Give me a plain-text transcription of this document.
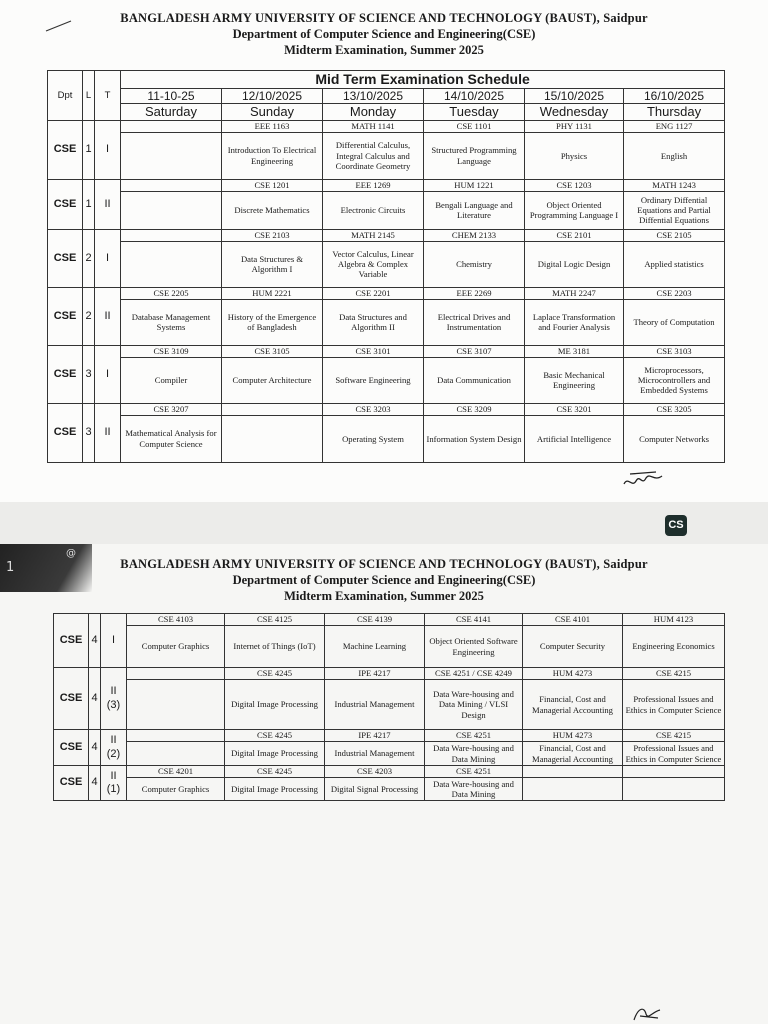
1
@
BANGLADESH ARMY UNIVERSITY OF SCIENCE AND TECHNOLOGY (BAUST), Saidpur
Department of Computer Science and Engineering(CSE)
Midterm Examination, Summer 2025
Dpt	L	T	Mid Term Examination Schedule					
			11-10-25	12/10/2025	13/10/2025	14/10/2025	15/10/2025	16/10/2025
			Saturday	Sunday	Monday	Tuesday	Wednesday	Thursday
CSE	1	I		EEE 1163	MATH 1141	CSE 1101	PHY 1131	ENG 1127
				Introduction To Electrical Engineering	Differential Calculus, Integral Calculus and Coordinate Geometry	Structured Programming Language	Physics	English
CSE	1	II		CSE 1201	EEE 1269	HUM 1221	CSE 1203	MATH 1243
				Discrete Mathematics	Electronic Circuits	Bengali Language and Literature	Object Oriented Programming Language I	Ordinary Diffential Equations and Partial Diffential Equations
CSE	2	I		CSE 2103	MATH 2145	CHEM 2133	CSE 2101	CSE 2105
				Data Structures & Algorithm I	Vector Calculus, Linear Algebra & Complex Variable	Chemistry	Digital Logic Design	Applied statistics
CSE	2	II	CSE 2205	HUM 2221	CSE 2201	EEE 2269	MATH 2247	CSE 2203
			Database Management Systems	History of the Emergence of Bangladesh	Data Structures and Algorithm II	Electrical Drives and Instrumentation	Laplace Transformation and Fourier Analysis	Theory of Computation
CSE	3	I	CSE 3109	CSE 3105	CSE 3101	CSE 3107	ME 3181	CSE 3103
			Compiler	Computer Architecture	Software Engineering	Data Communication	Basic Mechanical Engineering	Microprocessors, Microcontrollers and Embedded Systems
CSE	3	II	CSE 3207		CSE 3203	CSE 3209	CSE 3201	CSE 3205
			Mathematical Analysis for Computer Science		Operating System	Information System Design	Artificial Intelligence	Computer Networks
CS
BANGLADESH ARMY UNIVERSITY OF SCIENCE AND TECHNOLOGY (BAUST), Saidpur
Department of Computer Science and Engineering(CSE)
Midterm Examination, Summer 2025
CSE	4	I	CSE 4103	CSE 4125	CSE 4139	CSE 4141	CSE 4101	HUM 4123
			Computer Graphics	Internet of Things (IoT)	Machine Learning	Object Oriented Software Engineering	Computer Security	Engineering Economics
CSE	4	II (3)		CSE 4245	IPE 4217	CSE 4251 / CSE 4249	HUM 4273	CSE 4215
				Digital Image Processing	Industrial Management	Data Ware-housing and Data Mining / VLSI Design	Financial, Cost and Managerial Accounting	Professional Issues and Ethics in Computer Science
CSE	4	II (2)		CSE 4245	IPE 4217	CSE 4251	HUM 4273	CSE 4215
				Digital Image Processing	Industrial Management	Data Ware-housing and Data Mining	Financial, Cost and Managerial Accounting	Professional Issues and Ethics in Computer Science
CSE	4	II (1)	CSE 4201	CSE 4245	CSE 4203	CSE 4251		
			Computer Graphics	Digital Image Processing	Digital Signal Processing	Data Ware-housing and Data Mining		
